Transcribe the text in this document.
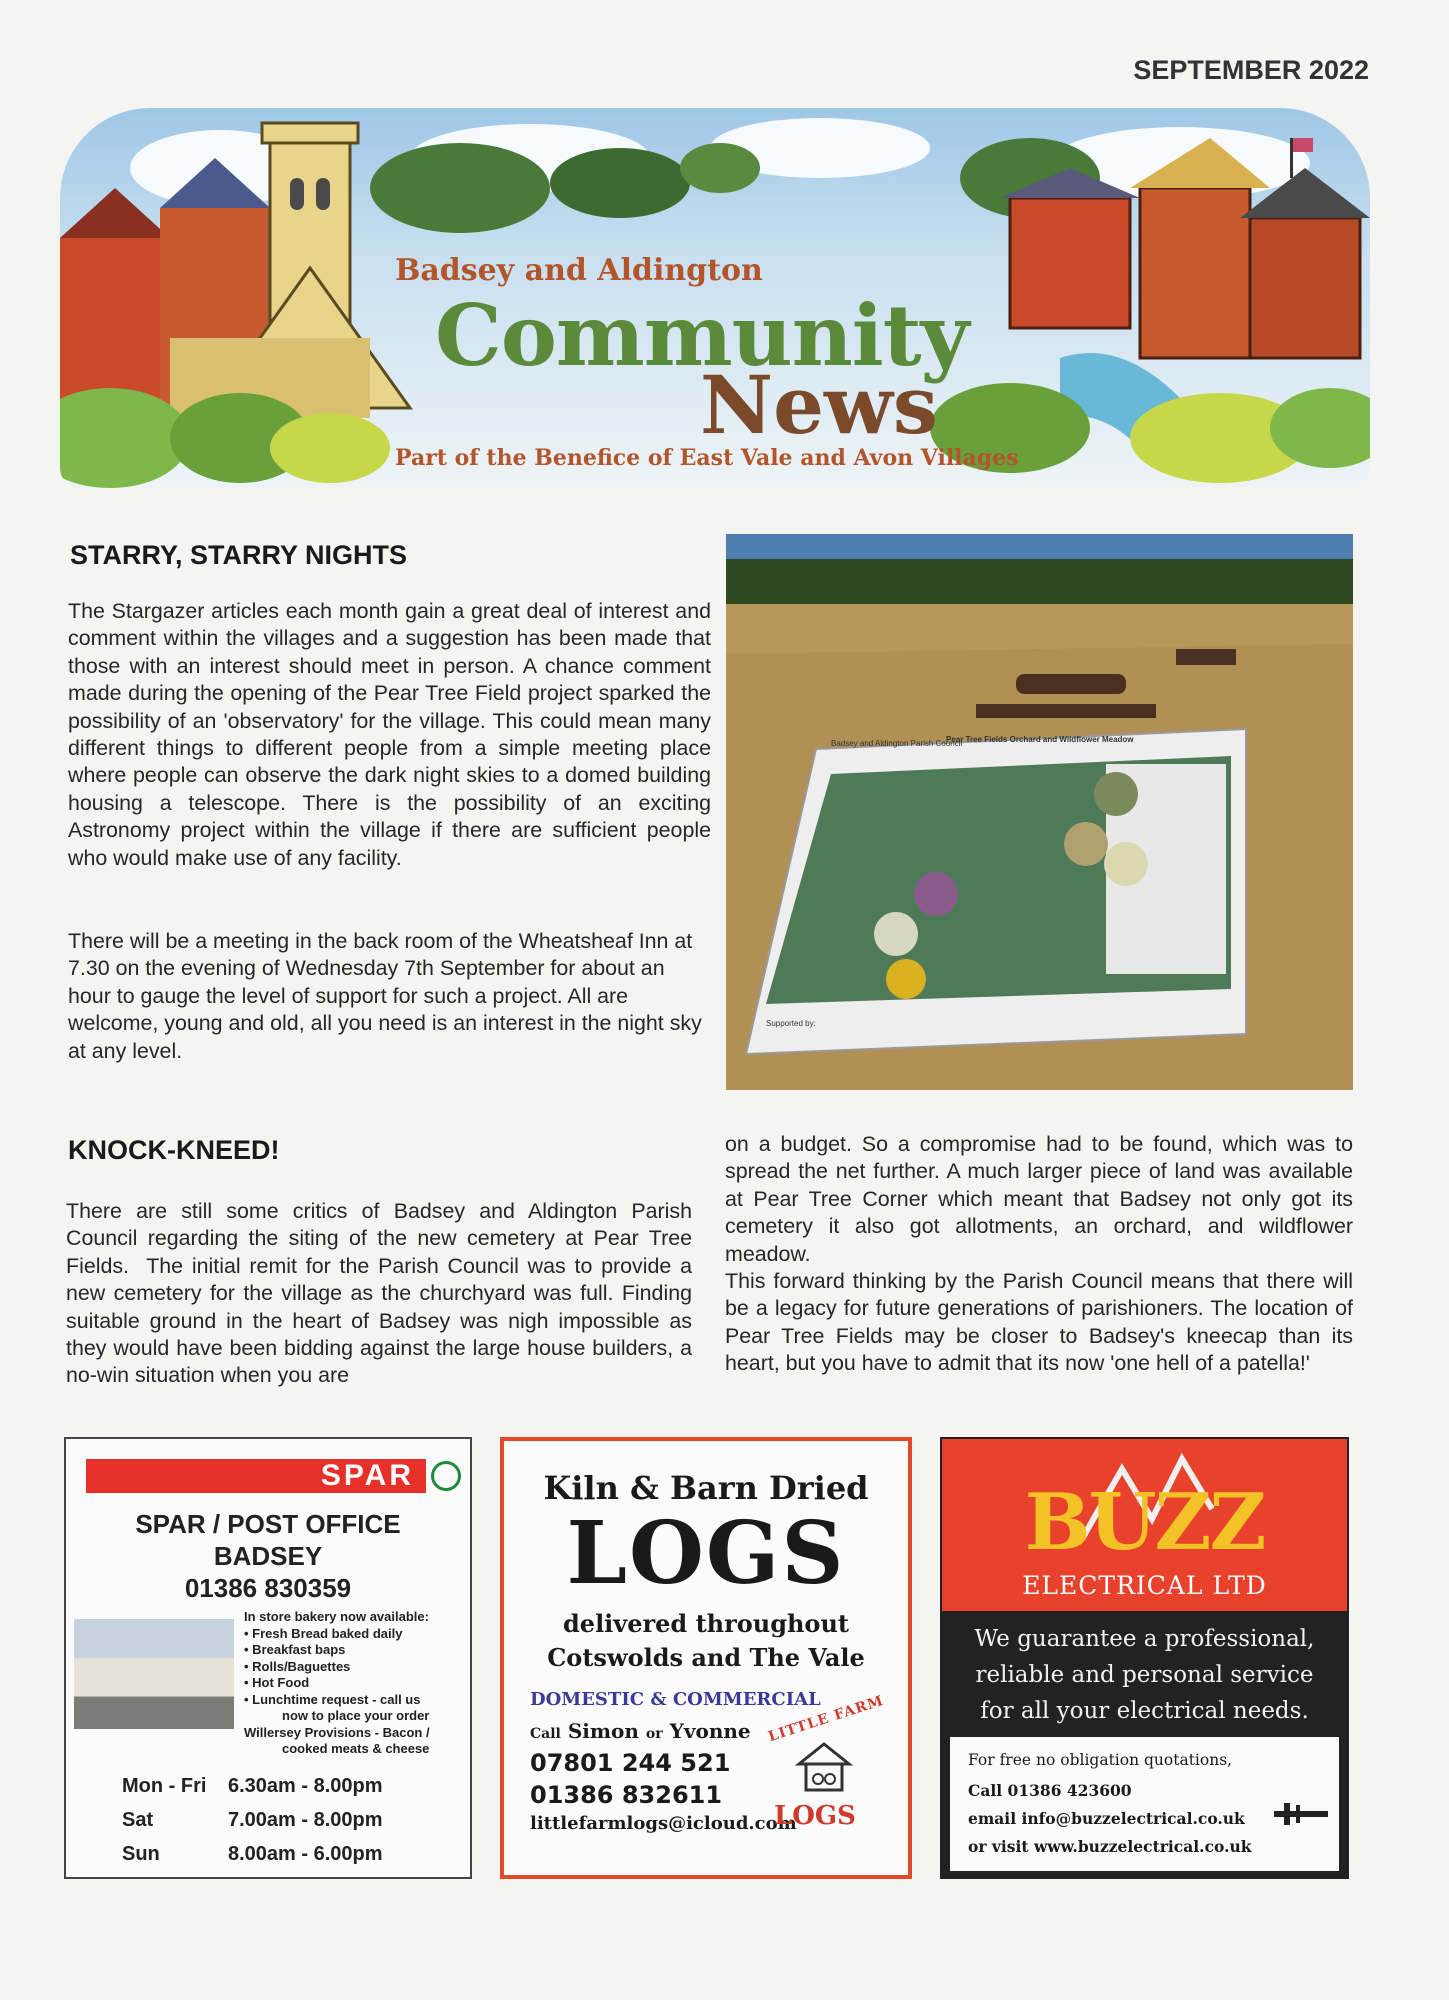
SEPTEMBER 2022
Badsey and Aldington
Community
News
Part of the Benefice of East Vale and Avon Villages
STARRY, STARRY NIGHTS

The Stargazer articles each month gain a great deal of interest and comment within the villages and a suggestion has been made that those with an interest should meet in person. A chance comment made during the opening of the Pear Tree Field project sparked the possibility of an 'observatory' for the village. This could mean many different things to different people from a simple meeting place where people can observe the dark night skies to a domed building housing a telescope. There is the possibility of an exciting Astronomy project within the village if there are sufficient people who would make use of any facility.

There will be a meeting in the back room of the Wheatsheaf Inn at 7.30 on the evening of Wednesday 7th September for about an hour to gauge the level of support for such a project. All are welcome, young and old, all you need is an interest in the night sky at any level.

Badsey and Aldington Parish Council
Pear Tree Fields Orchard and Wildflower Meadow
Supported by:
KNOCK-KNEED!

There are still some critics of Badsey and Aldington Parish Council regarding the siting of the new cemetery at Pear Tree Fields.  The initial remit for the Parish Council was to provide a new cemetery for the village as the churchyard was full. Finding suitable ground in the heart of Badsey was nigh impossible as they would have been bidding against the large house builders, a no-win situation when you are

on a budget. So a compromise had to be found, which was to spread the net further. A much larger piece of land was available at Pear Tree Corner which meant that Badsey not only got its cemetery it also got allotments, an orchard, and wildflower meadow.

This forward thinking by the Parish Council means that there will be a legacy for future generations of parishioners. The location of Pear Tree Fields may be closer to Badsey's kneecap than its heart, but you have to admit that its now 'one hell of a patella!'

SPAR
SPAR / POST OFFICE
BADSEY
01386 830359
In store bakery now available:
• Fresh Bread baked daily
• Breakfast baps
• Rolls/Baguettes
• Hot Food
• Lunchtime request - call us
now to place your order
Willersey Provisions - Bacon /
cooked meats & cheese
Mon - Fri 6.30am - 8.00pm
Sat	7.00am - 8.00pm
Sun	8.00am - 6.00pm
Kiln & Barn Dried
LOGS
delivered throughout
Cotswolds and The Vale
DOMESTIC & COMMERCIAL
Call Simon or Yvonne
07801 244 521
01386 832611
littlefarmlogs@icloud.com
LITTLE FARM
LOGS
BUZZ
ELECTRICAL LTD
We guarantee a professional,
reliable and personal service
for all your electrical needs.
For free no obligation quotations,
Call 01386 423600
email info@buzzelectrical.co.uk
or visit www.buzzelectrical.co.uk
